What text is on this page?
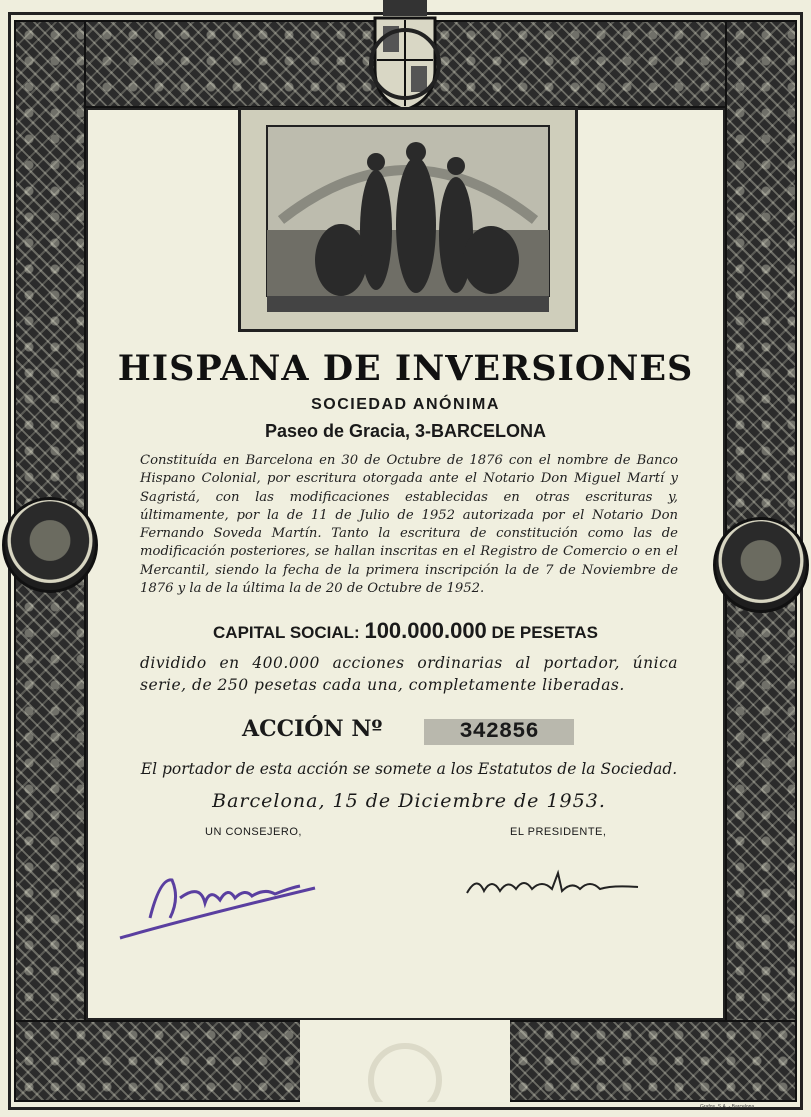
HISPANA DE INVERSIONES
SOCIEDAD ANÓNIMA
Paseo de Gracia, 3-BARCELONA
Constituída en Barcelona en 30 de Octubre de 1876 con el nombre de Banco Hispano Colonial, por escritura otorgada ante el Notario Don Miguel Martí y Sagristá, con las modificaciones establecidas en otras escrituras y, últimamente, por la de 11 de Julio de 1952 autorizada por el Notario Don Fernando Soveda Martín. Tanto la escritura de constitución como las de modificación posteriores, se hallan inscritas en el Registro de Comercio o en el Mercantil, siendo la fecha de la primera inscripción la de 7 de Noviembre de 1876 y la de la última la de 20 de Octubre de 1952.
CAPITAL SOCIAL: 100.000.000 DE PESETAS
dividido en 400.000 acciones ordinarias al portador, única serie, de 250 pesetas cada una, completamente liberadas.
ACCIÓN Nº	342856
El portador de esta acción se somete a los Estatutos de la Sociedad.
Barcelona, 15 de Diciembre de 1953.
UN CONSEJERO,	EL PRESIDENTE,
Grafos, S.A. - Barcelona
